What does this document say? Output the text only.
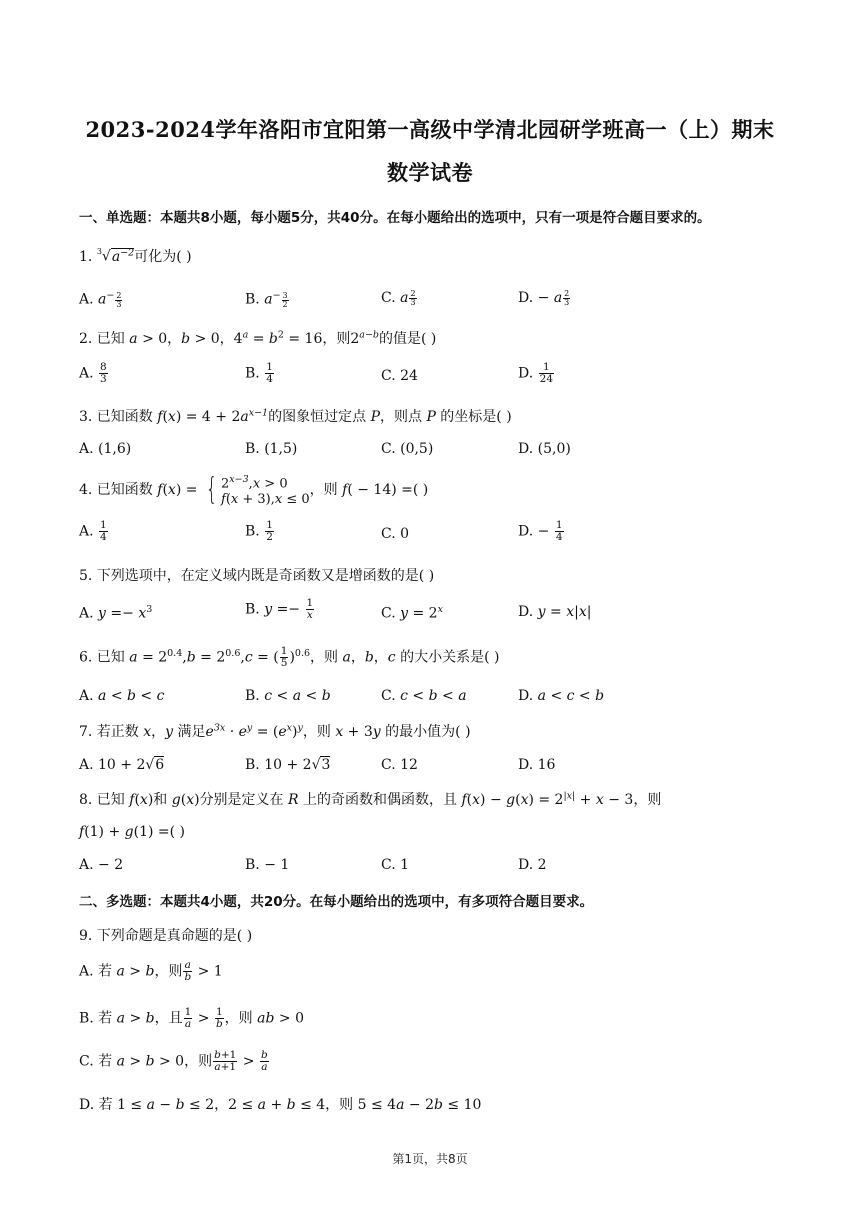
2023-2024学年洛阳市宜阳第一高级中学清北园研学班高一（上）期末
数学试卷
一、单选题：本题共8小题，每小题5分，共40分。在每小题给出的选项中，只有一项是符合题目要求的。
1. $^3√a^{-2}$可化为( )
A. $a^- \frac{2}{3}$	B. $a^- \frac{3}{2}$	C. a $\frac{2}{3}$	D. − a $\frac{2}{3}$
2. 已知 a > 0，b > 0，$4^a = b^2 = 16$，则$2^{a-b}$的值是( )
A. $\frac{8}{3}$	B. $\frac{1}{4}$	C. 24	D. $\frac{1}{24}$
3. 已知函数 $f(x) = 4 + 2a^{x-1}$的图象恒过定点 P，则点 P 的坐标是( )
A. (1,6)	B. (1,5)	C. (0,5)	D. (5,0)
4. 已知函数 f(x) = { $2^{x-3},x > 0$
f(x + 3),x ≤ 0
，则 f( − 14) =( )
A. $\frac{1}{4}$	B. $\frac{1}{2}$	C. 0	D. − $\frac{1}{4}$
5. 下列选项中，在定义域内既是奇函数又是增函数的是( )
A. $y =- x^3$	B. $y =- \frac{1}{x}$	C. $y = 2^x$	D. y = x|x|
6. 已知 $a = 2^{0.4},b = 2^{0.6},c$ = ( $\frac{1}{5} )^{0.6}$，则 a，b，c 的大小关系是( )
A. a < b < c	B. c < a < b	C. c < b < a	D. a < c < b
7. 若正数 x，y 满足$e^{3x} \cdot e^y = (e^x)^y$，则 x + 3y 的最小值为( )
A. 10 + 2√6	B. 10 + 2√3	C. 12	D. 16
8. 已知 f(x)和 g(x)分别是定义在 R 上的奇函数和偶函数，且 $f(x) - g(x) = 2^{|x|} + x - 3$，则
f(1) + g(1) =( )
A. − 2	B. − 1	C. 1	D. 2
二、多选题：本题共4小题，共20分。在每小题给出的选项中，有多项符合题目要求。
9. 下列命题是真命题的是( )
A. 若 a > b，则 $\frac{a}{b} > 1$
B. 若 a > b，且 $\frac{1}{a} > \frac{1}{b}$ ，则 ab > 0
C. 若 a > b > 0，则 $\frac{b+1}{a+1} > \frac{b}{a}$
D. 若 1 ≤ a − b ≤ 2，2 ≤ a + b ≤ 4，则 5 ≤ 4a − 2b ≤ 10
第1页，共8页
